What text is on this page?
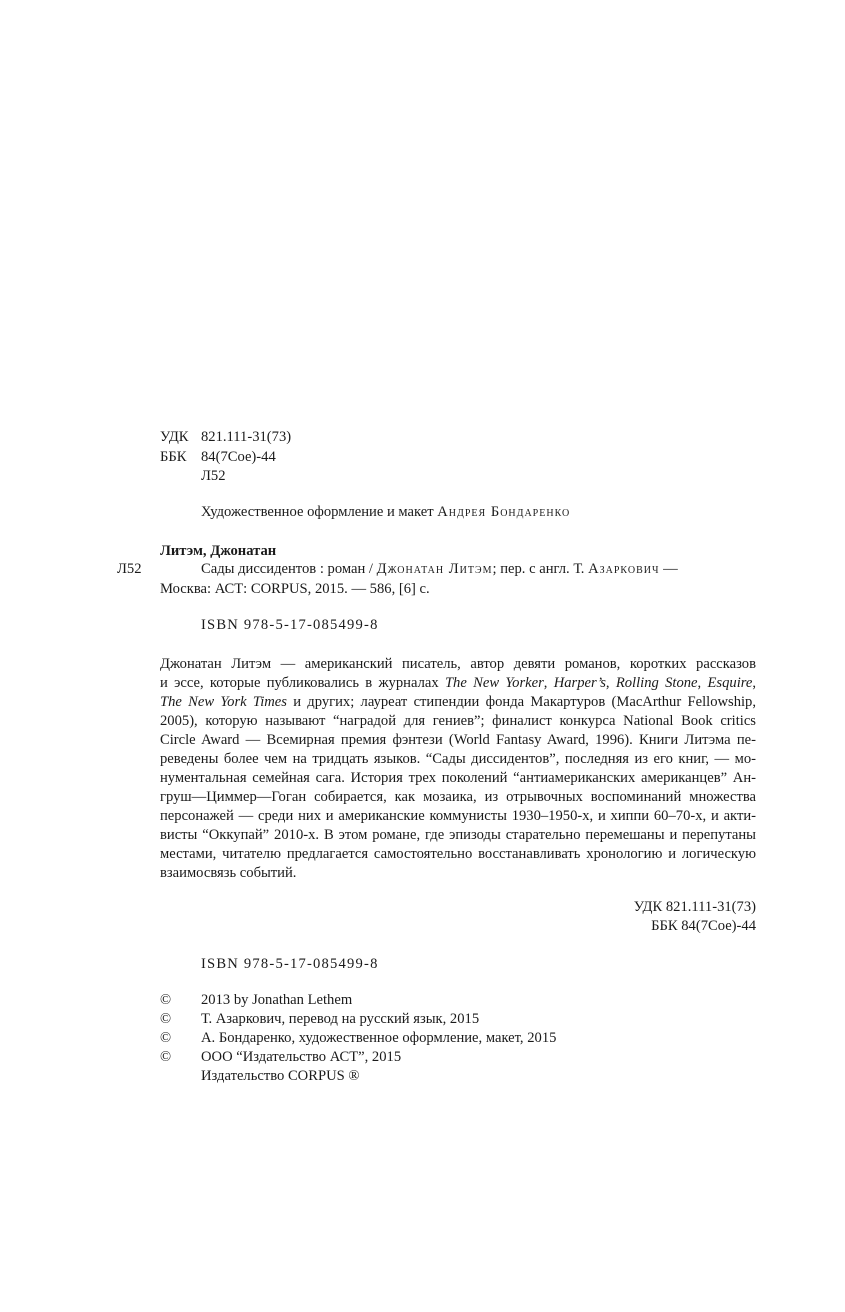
УДК 821.111-31(73)
ББК 84(7Сое)-44
Л52
Художественное оформление и макет Андрея Бондаренко
Литэм, Джонатан
Л52	Сады диссидентов : роман / Джонатан Литэм; пер. с англ. Т. Азаркович —
Москва: АСТ: CORPUS, 2015. — 586, [6] с.
ISBN 978-5-17-085499-8
Джонатан Литэм — американский писатель, автор девяти романов, коротких рассказов
и эссе, которые публиковались в журналах The New Yorker, Harper’s, Rolling Stone, Esquire,
The New York Times и других; лауреат стипендии фонда Макартуров (MacArthur Fellowship,
2005), которую называют “наградой для гениев”; финалист конкурса National Book critics
Circle Award — Всемирная премия фэнтези (World Fantasy Award, 1996). Книги Литэма пе-
реведены более чем на тридцать языков. “Сады диссидентов”, последняя из его книг, — мо-
нументальная семейная сага. История трех поколений “антиамериканских американцев” Ан-
груш—Циммер—Гоган собирается, как мозаика, из отрывочных воспоминаний множества
персонажей — среди них и американские коммунисты 1930–1950-х, и хиппи 60–70-х, и акти-
висты “Оккупай” 2010-х. В этом романе, где эпизоды старательно перемешаны и перепутаны
местами, читателю предлагается самостоятельно восстанавливать хронологию и логическую
взаимосвязь событий.
УДК 821.111-31(73)
ББК 84(7Сое)-44
ISBN 978-5-17-085499-8
© 2013 by Jonathan Lethem
© Т. Азаркович, перевод на русский язык, 2015
© А. Бондаренко, художественное оформление, макет, 2015
© ООО “Издательство АСТ”, 2015
Издательство CORPUS ®
